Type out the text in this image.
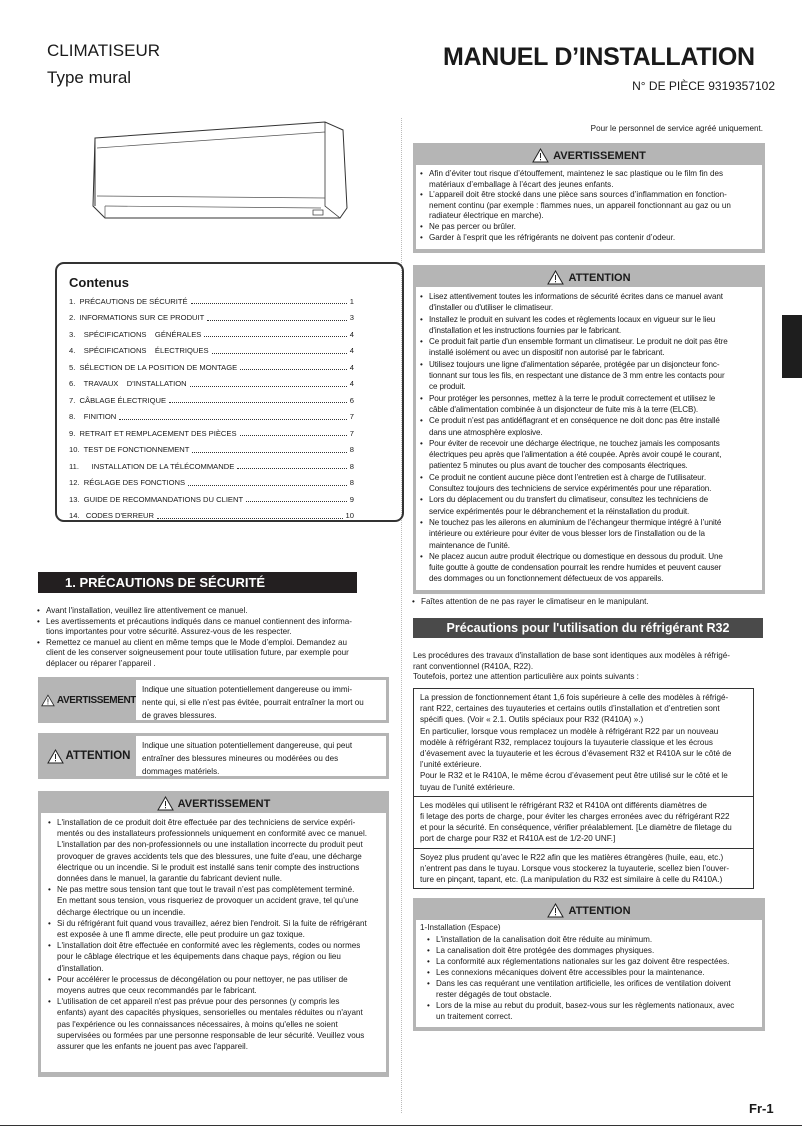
CLIMATISEUR
Type mural
MANUEL D’INSTALLATION
N° DE PIÈCE 9319357102
Contenus
1.  PRÉCAUTIONS DE SÉCURITÉ	1
2.  INFORMATIONS SUR CE PRODUIT	3
3.    SPÉCIFICATIONS    GÉNÉRALES	4
4.    SPÉCIFICATIONS    ÉLECTRIQUES	4
5.  SÉLECTION DE LA POSITION DE MONTAGE	4
6.    TRAVAUX    D'INSTALLATION	4
7.  CÂBLAGE ÉLECTRIQUE	6
8.    FINITION	7
9.  RETRAIT ET REMPLACEMENT DES PIÈCES	7
10.  TEST DE FONCTIONNEMENT	8
11.      INSTALLATION DE LA TÉLÉCOMMANDE	8
12.  RÉGLAGE DES FONCTIONS	8
13.  GUIDE DE RECOMMANDATIONS DU CLIENT	9
14.   CODES D'ERREUR	10
1. PRÉCAUTIONS DE SÉCURITÉ
• Avant l'installation, veuillez lire attentivement ce manuel.
• Les avertissements et précautions indiqués dans ce manuel contiennent des informa-
tions importantes pour votre sécurité. Assurez-vous de les respecter.
• Remettez ce manuel au client en même temps que le Mode d’emploi. Demandez au
client de les conserver soigneusement pour toute utilisation future, par exemple pour
déplacer ou réparer l’appareil .
AVERTISSEMENT
Indique une situation potentiellement dangereuse ou immi-
nente qui, si elle n’est pas évitée, pourrait entraîner la mort ou
de graves blessures.
ATTENTION
Indique une situation potentiellement dangereuse, qui peut
entraîner des blessures mineures ou modérées ou des
dommages matériels.
AVERTISSEMENT
• L'installation de ce produit doit être effectuée par des techniciens de service expéri-
mentés ou des installateurs professionnels uniquement en conformité avec ce manuel.
L'installation par des non-professionnels ou une installation incorrecte du produit peut
provoquer de graves accidents tels que des blessures, une fuite d'eau, une décharge
électrique ou un incendie. Si le produit est installé sans tenir compte des instructions
données dans le manuel, la garantie du fabricant devient nulle.
• Ne pas mettre sous tension tant que tout le travail n’est pas complètement terminé.
En mettant sous tension, vous risqueriez de provoquer un accident grave, tel qu’une
décharge électrique ou un incendie.
• Si du réfrigérant fuit quand vous travaillez, aérez bien l'endroit. Si la fuite de réfrigérant
est exposée à une fl amme directe, elle peut produire un gaz toxique.
• L'installation doit être effectuée en conformité avec les règlements, codes ou normes
pour le câblage électrique et les équipements dans chaque pays, région ou lieu
d'installation.
• Pour accélérer le processus de décongélation ou pour nettoyer, ne pas utiliser de
moyens autres que ceux recommandés par le fabricant.
• L'utilisation de cet appareil n'est pas prévue pour des personnes (y compris les
enfants) ayant des capacités physiques, sensorielles ou mentales réduites ou n'ayant
pas l'expérience ou les connaissances nécessaires, à moins qu'elles ne soient
supervisées ou formées par une personne responsable de leur sécurité. Veuillez vous
assurer que les enfants ne jouent pas avec l'appareil.
Pour le personnel de service agréé uniquement.
AVERTISSEMENT
• Afin d’éviter tout risque d’étouffement, maintenez le sac plastique ou le film fin des
matériaux d’emballage à l’écart des jeunes enfants.
• L’appareil doit être stocké dans une pièce sans sources d’inflammation en fonction-
nement continu (par exemple : flammes nues, un appareil fonctionnant au gaz ou un
radiateur électrique en marche).
• Ne pas percer ou brûler.
• Garder à l’esprit que les réfrigérants ne doivent pas contenir d’odeur.
ATTENTION
• Lisez attentivement toutes les informations de sécurité écrites dans ce manuel avant
d'installer ou d'utiliser le climatiseur.
• Installez le produit en suivant les codes et règlements locaux en vigueur sur le lieu
d'installation et les instructions fournies par le fabricant.
• Ce produit fait partie d'un ensemble formant un climatiseur. Le produit ne doit pas être
installé isolément ou avec un dispositif non autorisé par le fabricant.
• Utilisez toujours une ligne d'alimentation séparée, protégée par un disjoncteur fonc-
tionnant sur tous les fils, en respectant une distance de 3 mm entre les contacts pour
ce produit.
• Pour protéger les personnes, mettez à la terre le produit correctement et utilisez le
câble d'alimentation combinée à un disjoncteur de fuite mis à la terre (ELCB).
• Ce produit n’est pas antidéflagrant et en conséquence ne doit donc pas être installé
dans une atmosphère explosive.
• Pour éviter de recevoir une décharge électrique, ne touchez jamais les composants
électriques peu après que l'alimentation a été coupée. Après avoir coupé le courant,
patientez 5 minutes ou plus avant de toucher des composants électriques.
• Ce produit ne contient aucune pièce dont l’entretien est à charge de l’utilisateur.
Consultez toujours des techniciens de service expérimentés pour une réparation.
• Lors du déplacement ou du transfert du climatiseur, consultez les techniciens de
service expérimentés pour le débranchement et la réinstallation du produit.
• Ne touchez pas les ailerons en aluminium de l’échangeur thermique intégré à l’unité
intérieure ou extérieure pour éviter de vous blesser lors de l’installation ou de la
maintenance de l’unité.
• Ne placez aucun autre produit électrique ou domestique en dessous du produit. Une
fuite goutte à goutte de condensation pourrait les rendre humides et peuvent causer
des dommages ou un fonctionnement défectueux de vos appareils.
• Faîtes attention de ne pas rayer le climatiseur en le manipulant.
Précautions pour l'utilisation du réfrigérant R32
Les procédures des travaux d'installation de base sont identiques aux modèles à réfrigé-
rant conventionnel (R410A, R22).
Toutefois, portez une attention particulière aux points suivants :
La pression de fonctionnement étant 1,6 fois supérieure à celle des modèles à réfrigé-
rant R22, certaines des tuyauteries et certains outils d’installation et d’entretien sont
spécifi ques. (Voir « 2.1. Outils spéciaux pour R32 (R410A) ».)
En particulier, lorsque vous remplacez un modèle à réfrigérant R22 par un nouveau
modèle à réfrigérant R32, remplacez toujours la tuyauterie classique et les écrous
d’évasement avec la tuyauterie et les écrous d’évasement R32 et R410A sur le côté de
l’unité extérieure.
Pour le R32 et le R410A, le même écrou d’évasement peut être utilisé sur le côté et le
tuyau de l’unité extérieure.
Les modèles qui utilisent le réfrigérant R32 et R410A ont différents diamètres de
fi letage des ports de charge, pour éviter les charges erronées avec du réfrigérant R22
et pour la sécurité. En conséquence, vérifier préalablement. [Le diamètre de filetage du
port de charge pour R32 et R410A est de 1/2-20 UNF.]
Soyez plus prudent qu’avec le R22 afin que les matières étrangères (huile, eau, etc.)
n’entrent pas dans le tuyau. Lorsque vous stockerez la tuyauterie, scellez bien l’ouver-
ture en pinçant, tapant, etc. (La manipulation du R32 est similaire à celle du R410A.)
ATTENTION
1-Installation (Espace)
• L'installation de la canalisation doit être réduite au minimum.
• La canalisation doit être protégée des dommages physiques.
• La conformité aux réglementations nationales sur les gaz doivent être respectées.
• Les connexions mécaniques doivent être accessibles pour la maintenance.
• Dans les cas requérant une ventilation artificielle, les orifices de ventilation doivent
rester dégagés de tout obstacle.
• Lors de la mise au rebut du produit, basez-vous sur les règlements nationaux, avec
un traitement correct.
Fr-1
